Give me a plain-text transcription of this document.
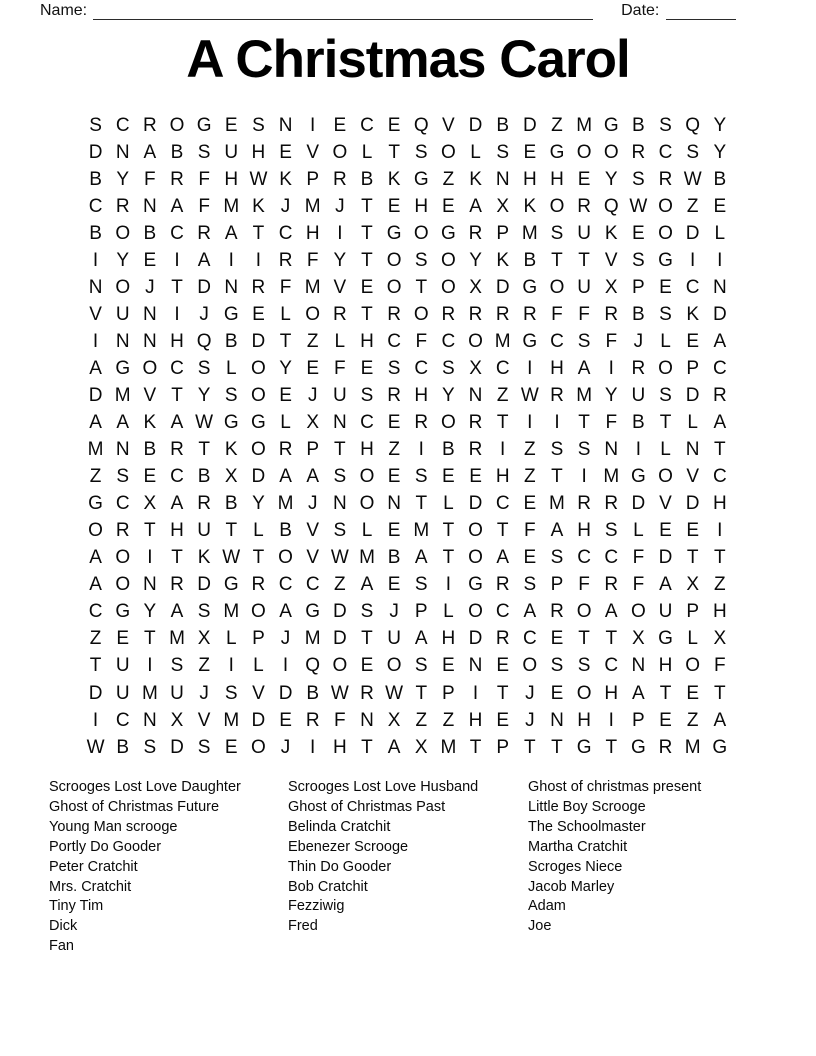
Name:	Date:
A Christmas Carol
S C R O G E S N I E C E Q V D B D Z M G B S Q Y
D N A B S U H E V O L T S O L S E G O O R C S Y
B Y F R F H W K P R B K G Z K N H H E Y S R W B
C R N A F M K J M J T E H E A X K O R Q W O Z E
B O B C R A T C H I T G O G R P M S U K E O D L
I Y E I A I	I R F Y T O S O Y K B T T V S G I	I
N O J T D N R F M V E O T O X D G O U X P E C N
V U N I	J G E L O R T R O R R R R F F R B S K D
I N N H Q B D T Z L H C F C O M G C S F J L E A
A G O C S L O Y E F E S C S X C I H A I R O P C
D M V T Y S O E J U S R H Y N Z W R M Y U S D R
A A K A W G G L X N C E R O R T I	I T F B T L A
M N B R T K O R P T H Z I B R I Z S S N I	L N T
Z S E C B X D A A S O E S E E H Z T I M G O V C
G C X A R B Y M J N O N T L D C E M R R D V D H
O R T H U T L B V S L E M T O T F A H S L E E I
A O I T K W T O V W M B A T O A E S C C F D T T
A O N R D G R C C Z A E S I G R S P F R F A X Z
C G Y A S M O A G D S J P L O C A R O A O U P H
Z E T M X L P J M D T U A H D R C E T T X G L X
T U I S Z I	L	I Q O E O S E N E O S S C N H O F
D U M U J S V D B W R W T P I T J E O H A T E T
I C N X V M D E R F N X Z Z H E J N H I P E Z A
W B S D S E O J	I H T A X M T P T T G T G R M G
Scrooges Lost Love Daughter
Ghost of Christmas Future
Young Man scrooge
Portly Do Gooder
Peter Cratchit
Mrs. Cratchit
Tiny Tim
Dick
Fan
Scrooges Lost Love Husband
Ghost of Christmas Past
Belinda Cratchit
Ebenezer Scrooge
Thin Do Gooder
Bob Cratchit
Fezziwig
Fred
Ghost of christmas present
Little Boy Scrooge
The Schoolmaster
Martha Cratchit
Scroges Niece
Jacob Marley
Adam
Joe
